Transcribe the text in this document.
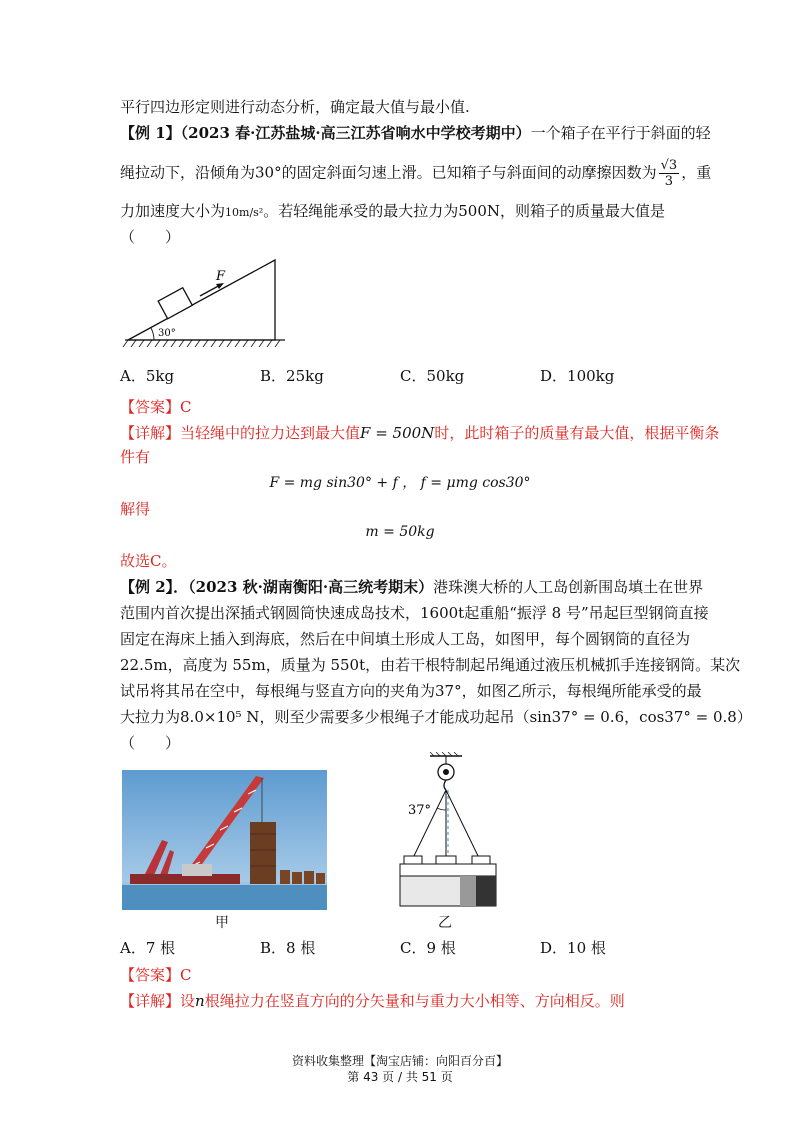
平行四边形定则进行动态分析，确定最大值与最小值.
【例 1】（2023 春·江苏盐城·高三江苏省响水中学校考期中）一个箱子在平行于斜面的轻
绳拉动下，沿倾角为30°的固定斜面匀速上滑。已知箱子与斜面间的动摩擦因数为 $\frac{√3}{3}$ ，重
力加速度大小为10m/s²。若轻绳能承受的最大拉力为500N，则箱子的质量最大值是
（　　）
F
30°
A．5kg	B．25kg	C．50kg	D．100kg
【答案】C
【详解】当轻绳中的拉力达到最大值F = 500N时，此时箱子的质量有最大值，根据平衡条
件有
F = mg sin30° + f ， f = μmg cos30°
解得
m = 50kg
故选C。
【例 2】．（2023 秋·湖南衡阳·高三统考期末）港珠澳大桥的人工岛创新围岛填土在世界
范围内首次提出深插式钢圆筒快速成岛技术，1600t起重船“振浮 8 号”吊起巨型钢筒直接
固定在海床上插入到海底，然后在中间填土形成人工岛，如图甲，每个圆钢筒的直径为
22.5m，高度为 55m，质量为 550t，由若干根特制起吊绳通过液压机械抓手连接钢筒。某次
试吊将其吊在空中，每根绳与竖直方向的夹角为37°，如图乙所示，每根绳所能承受的最
大拉力为8.0×10⁵ N，则至少需要多少根绳子才能成功起吊（sin37° = 0.6，cos37° = 0.8）
（　　）
甲
37°
乙
A．7 根	B．8 根	C．9 根	D．10 根
【答案】C
【详解】设n根绳拉力在竖直方向的分矢量和与重力大小相等、方向相反。则
资料收集整理【淘宝店铺：向阳百分百】
第 43 页 / 共 51 页
